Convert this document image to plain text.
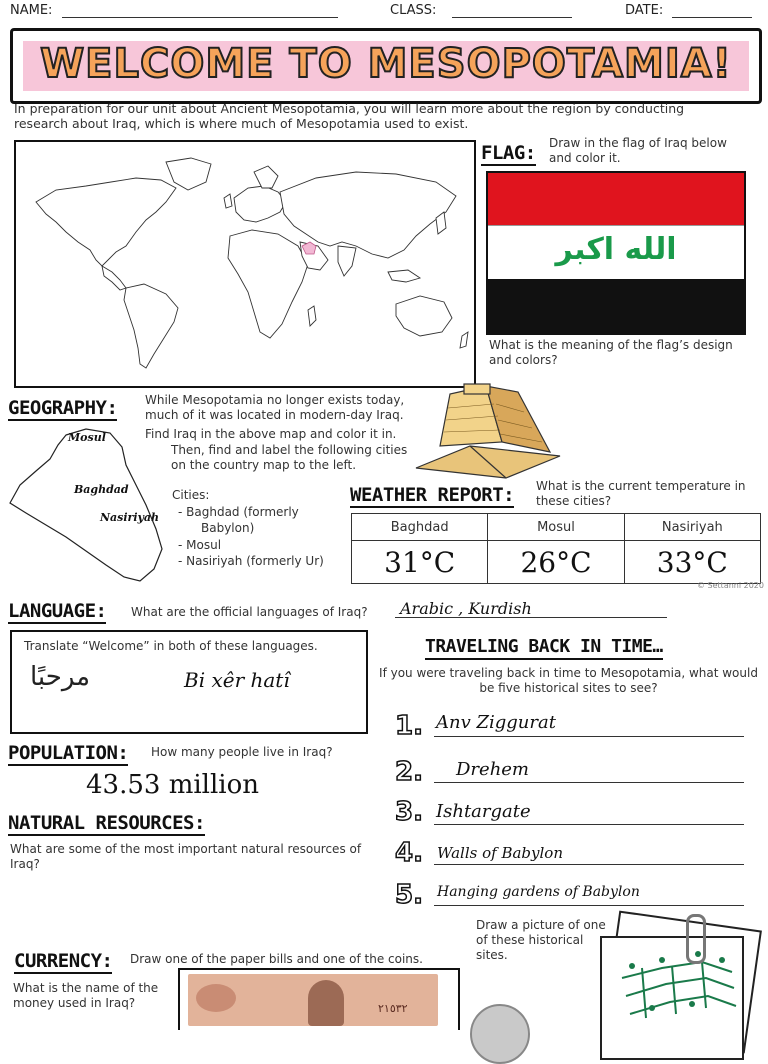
NAME:	CLASS:	DATE:
WELCOME TO MESOPOTAMIA!
In preparation for our unit about Ancient Mesopotamia, you will learn more about the region by conducting research about Iraq, which is where much of Mesopotamia used to exist.
FLAG: Draw in the flag of Iraq below and color it.
الله اكبر
What is the meaning of the flag’s design and colors?
GEOGRAPHY: While Mesopotamia no longer exists today, much of it was located in modern-day Iraq.
Find Iraq in the above map and color it in.
Then, find and label the following cities on the country map to the left.
Mosul
Baghdad
Nasiriyah
Cities:
- Baghdad (formerly
Babylon)
- Mosul
- Nasiriyah (formerly Ur)
WEATHER REPORT: What is the current temperature in these cities?
Baghdad	Mosul	Nasiriyah
31°C	26°C	33°C
© Settanni 2020
LANGUAGE: What are the official languages of Iraq? Arabic , Kurdish
Translate “Welcome” in both of these languages.
مرحبًا	Bi xêr hatî
POPULATION: How many people live in Iraq?
43.53 million
NATURAL RESOURCES:
What are some of the most important natural resources of Iraq?
TRAVELING BACK IN TIME…
If you were traveling back in time to Mesopotamia, what would be five historical sites to see?
1. Anv Ziggurat
2. Drehem
3. Ishtargate
4. Walls of Babylon
5. Hanging gardens of Babylon
Draw a picture of one of these historical sites.
CURRENCY: Draw one of the paper bills and one of the coins.
What is the name of the money used in Iraq?	٢١٥٣٢
